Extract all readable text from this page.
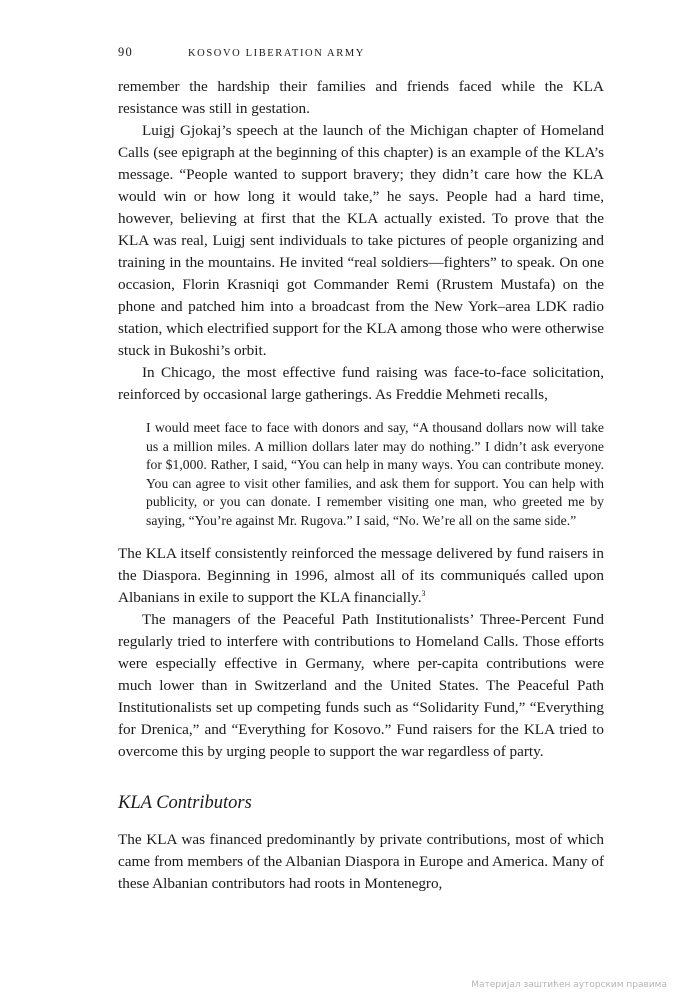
90	KOSOVO LIBERATION ARMY

remember the hardship their families and friends faced while the KLA resistance was still in gestation.

Luigj Gjokaj’s speech at the launch of the Michigan chapter of Homeland Calls (see epigraph at the beginning of this chapter) is an example of the KLA’s message. “People wanted to support bravery; they didn’t care how the KLA would win or how long it would take,” he says. People had a hard time, however, believing at first that the KLA actually existed. To prove that the KLA was real, Luigj sent individuals to take pictures of people organizing and training in the mountains. He invited “real soldiers—fighters” to speak. On one occasion, Florin Krasniqi got Commander Remi (Rrustem Mustafa) on the phone and patched him into a broadcast from the New York–area LDK radio station, which electrified support for the KLA among those who were otherwise stuck in Bukoshi’s orbit.

In Chicago, the most effective fund raising was face-to-face solicitation, reinforced by occasional large gatherings. As Freddie Mehmeti recalls,

I would meet face to face with donors and say, “A thousand dollars now will take us a million miles. A million dollars later may do nothing.” I didn’t ask everyone for $1,000. Rather, I said, “You can help in many ways. You can contribute money. You can agree to visit other families, and ask them for support. You can help with publicity, or you can donate. I remember visiting one man, who greeted me by saying, “You’re against Mr. Rugova.” I said, “No. We’re all on the same side.”

The KLA itself consistently reinforced the message delivered by fund raisers in the Diaspora. Beginning in 1996, almost all of its communiqués called upon Albanians in exile to support the KLA financially.$^3$

The managers of the Peaceful Path Institutionalists’ Three-Percent Fund regularly tried to interfere with contributions to Homeland Calls. Those efforts were especially effective in Germany, where per-capita contributions were much lower than in Switzerland and the United States. The Peaceful Path Institutionalists set up competing funds such as “Solidarity Fund,” “Everything for Drenica,” and “Everything for Kosovo.” Fund raisers for the KLA tried to overcome this by urging people to support the war regardless of party.

KLA Contributors

The KLA was financed predominantly by private contributions, most of which came from members of the Albanian Diaspora in Europe and America. Many of these Albanian contributors had roots in Montenegro,

Материјал заштићен ауторским правима
